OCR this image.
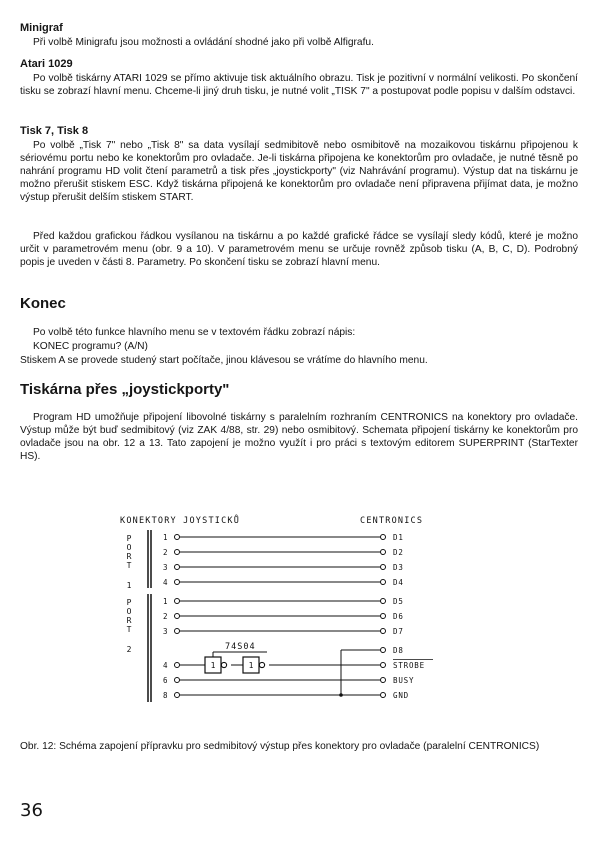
Minigraf
Při volbě Minigrafu jsou možnosti a ovládání shodné jako při volbě Alfigrafu.
Atari 1029
Po volbě tiskárny ATARI 1029 se přímo aktivuje tisk aktuálního obrazu. Tisk je pozitivní v normální velikosti. Po skončení tisku se zobrazí hlavní menu. Chceme-li jiný druh tisku, je nutné volit „TISK 7" a postupovat podle popisu v dalším odstavci.
Tisk 7, Tisk 8
Po volbě „Tisk 7" nebo „Tisk 8" sa data vysílají sedmibitově nebo osmibitově na mozaikovou tiskárnu připojenou k sériovému portu nebo ke konektorům pro ovladače. Je-li tiskárna připojena ke konektorům pro ovladače, je nutné těsně po nahrání programu HD volit čtení parametrů a tisk přes „joystickporty" (viz Nahrávání programu). Výstup dat na tiskárnu je možno přerušit stiskem ESC. Když tiskárna připojená ke konektorům pro ovladače není připravena přijímat data, je možno výstup přerušit delším stiskem START.
Před každou grafickou řádkou vysílanou na tiskárnu a po každé grafické řádce se vysílají sledy kódů, které je možno určit v parametrovém menu (obr. 9 a 10). V parametrovém menu se určuje rovněž způsob tisku (A, B, C, D). Podrobný popis je uveden v části 8. Parametry. Po skončení tisku se zobrazí hlavní menu.
Konec
Po volbě této funkce hlavního menu se v textovém řádku zobrazí nápis:
KONEC programu? (A/N)
Stiskem A se provede studený start počítače, jinou klávesou se vrátíme do hlavního menu.
Tiskárna přes „joystickporty"
Program HD umožňuje připojení libovolné tiskárny s paralelním rozhraním CENTRONICS na konektory pro ovladače. Výstup může být buď sedmibitový (viz ZAK 4/88, str. 29) nebo osmibitový. Schemata připojení tiskárny ke konektorům pro ovladače jsou na obr. 12 a 13. Tato zapojení je možno využít i pro práci s textovým editorem SUPERPRINT (StarTexter HS).
KONEKTORY JOYSTICKŮ	CENTRONICS
P
O
R
T
1
P
O
R
T
2
1
2
3
4
1
2
3
4
6
8
D1
D2
D3
D4
D5
D6
D7
D8
STROBE
BUSY
GND
74S04
1	1
Obr. 12: Schéma zapojení přípravku pro sedmibitový výstup přes konektory pro ovladače (paralelní CENTRONICS)
36
